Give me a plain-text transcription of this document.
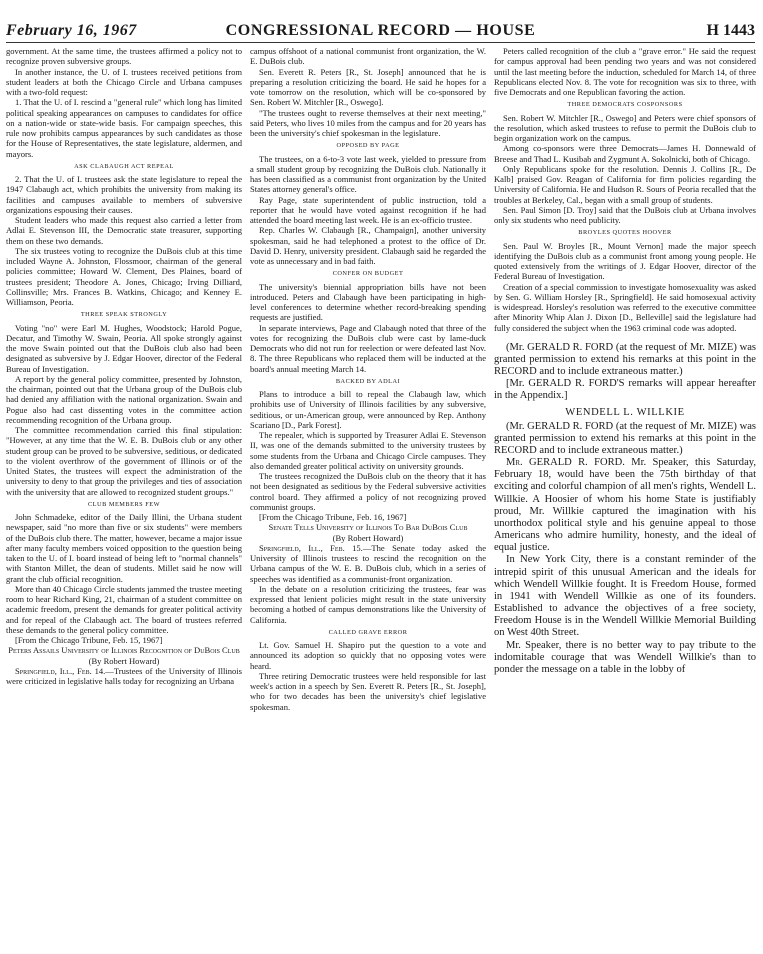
February 16, 1967	CONGRESSIONAL RECORD — HOUSE	H 1443

government. At the same time, the trustees affirmed a policy not to recognize proven subversive groups.

In another instance, the U. of I. trustees received petitions from student leaders at both the Chicago Circle and Urbana campuses with a two-fold request:

1. That the U. of I. rescind a "general rule" which long has limited political speaking appearances on campuses to candidates for office on a nation-wide or state-wide basis. For campaign speeches, this rule now prohibits campus appearances by such candidates as those for the House of Representatives, the state legislature, aldermen, and mayors.

ASK CLABAUGH ACT REPEAL

2. That the U. of I. trustees ask the state legislature to repeal the 1947 Clabaugh act, which prohibits the university from making its facilities and campuses available to members of subversive organizations espousing their causes.

Student leaders who made this request also carried a letter from Adlai E. Stevenson III, the Democratic state treasurer, supporting them on these two demands.

The six trustees voting to recognize the DuBois club at this time included Wayne A. Johnston, Flossmoor, chairman of the general policies committee; Howard W. Clement, Des Plaines, board of trustees president; Theodore A. Jones, Chicago; Irving Dilliard, Collinsville; Mrs. Frances B. Watkins, Chicago; and Kenney E. Williamson, Peoria.

THREE SPEAK STRONGLY

Voting "no" were Earl M. Hughes, Woodstock; Harold Pogue, Decatur, and Timothy W. Swain, Peoria. All spoke strongly against the move Swain pointed out that the DuBois club also had been designated as subversive by J. Edgar Hoover, director of the Federal Bureau of Investigation.

A report by the general policy committee, presented by Johnston, the chairman, pointed out that the Urbana group of the DuBois club had denied any affiliation with the national organization. Swain and Pogue also had cast dissenting votes in the committee action recommending recognition of the Urbana group.

The committee recommendation carried this final stipulation: "However, at any time that the W. E. B. DuBois club or any other student group can be proved to be subversive, seditious, or dedicated to the violent overthrow of the government of Illinois or of the United States, the trustees will expect the administration of the university to deny to that group the privileges and ties of association with the university that are allowed to recognized student groups."

CLUB MEMBERS FEW

John Schmadeke, editor of the Daily Illini, the Urbana student newspaper, said "no more than five or six students" were members of the DuBois club there. The matter, however, became a major issue after many faculty members voiced opposition to the question being taken to the U. of I. board instead of being left to "normal channels" with Stanton Millet, the dean of students. Millet said he now will grant the club official recognition.

More than 40 Chicago Circle students jammed the trustee meeting room to hear Richard King, 21, chairman of a student committee on academic freedom, present the demands for greater political activity and for repeal of the Clabaugh act. The board of trustees referred these demands to the general policy committee.

[From the Chicago Tribune, Feb. 15, 1967]

Peters Assails University of Illinois Recognition of DuBois Club
(By Robert Howard)

Springfield, Ill., Feb. 14.—Trustees of the University of Illinois were criticized in legislative halls today for recognizing an Urbana

campus offshoot of a national communist front organization, the W. E. DuBois club.

Sen. Everett R. Peters [R., St. Joseph] announced that he is preparing a resolution criticizing the board. He said he hopes for a vote tomorrow on the resolution, which will be co-sponsored by Sen. Robert W. Mitchler [R., Oswego].

"The trustees ought to reverse themselves at their next meeting," said Peters, who lives 10 miles from the campus and for 20 years has been the university's chief spokesman in the legislature.

OPPOSED BY PAGE

The trustees, on a 6-to-3 vote last week, yielded to pressure from a small student group by recognizing the DuBois club. Nationally it has been classified as a communist front organization by the United States attorney general's office.

Ray Page, state superintendent of public instruction, told a reporter that he would have voted against recognition if he had attended the board meeting last week. He is an ex-officio trustee.

Rep. Charles W. Clabaugh [R., Champaign], another university spokesman, said he had telephoned a protest to the office of Dr. David D. Henry, university president. Clabaugh said he regarded the vote as unnecessary and in bad faith.

CONFER ON BUDGET

The university's biennial appropriation bills have not been introduced. Peters and Clabaugh have been participating in high-level conferences to determine whether record-breaking spending requests are justified.

In separate interviews, Page and Clabaugh noted that three of the votes for recognizing the DuBois club were cast by lame-duck Democrats who did not run for reelection or were defeated last Nov. 8. The three Republicans who replaced them will be inducted at the board's annual meeting March 14.

BACKED BY ADLAI

Plans to introduce a bill to repeal the Clabaugh law, which prohibits use of University of Illinois facilities by any subversive, seditious, or un-American group, were announced by Rep. Anthony Scariano [D., Park Forest].

The repealer, which is supported by Treasurer Adlai E. Stevenson II, was one of the demands submitted to the university trustees by some students from the Urbana and Chicago Circle campuses. They also demanded greater political activity on university grounds.

The trustees recognized the DuBois club on the theory that it has not been designated as seditious by the Federal subversive activities control board. They affirmed a policy of not recognizing proved communist groups.

[From the Chicago Tribune, Feb. 16, 1967]

Senate Tells University of Illinois To Bar DuBois Club
(By Robert Howard)

Springfield, Ill., Feb. 15.—The Senate today asked the University of Illinois trustees to rescind the recognition on the Urbana campus of the W. E. B. DuBois club, which in a series of speeches was identified as a communist-front organization.

In the debate on a resolution criticizing the trustees, fear was expressed that lenient policies might result in the state university becoming a hotbed of campus demonstrations like the University of California.

CALLED GRAVE ERROR

Lt. Gov. Samuel H. Shapiro put the question to a vote and announced its adoption so quickly that no opposing votes were heard.

Three retiring Democratic trustees were held responsible for last week's action in a speech by Sen. Everett R. Peters [R., St. Joseph], who for two decades has been the university's chief legislative spokesman.

Peters called recognition of the club a "grave error." He said the request for campus approval had been pending two years and was not considered until the last meeting before the induction, scheduled for March 14, of three Republicans elected Nov. 8. The vote for recognition was six to three, with five Democrats and one Republican favoring the action.

THREE DEMOCRATS COSPONSORS

Sen. Robert W. Mitchler [R., Oswego] and Peters were chief sponsors of the resolution, which asked trustees to refuse to permit the DuBois club to begin organization work on the campus.

Among co-sponsors were three Democrats—James H. Donnewald of Breese and Thad L. Kusibab and Zygmunt A. Sokolnicki, both of Chicago.

Only Republicans spoke for the resolution. Dennis J. Collins [R., De Kalb] praised Gov. Reagan of California for firm policies regarding the University of California. He and Hudson R. Sours of Peoria recalled that the troubles at Berkeley, Cal., began with a small group of students.

Sen. Paul Simon [D. Troy] said that the DuBois club at Urbana involves only six students who need publicity.

BROYLES QUOTES HOOVER

Sen. Paul W. Broyles [R., Mount Vernon] made the major speech identifying the DuBois club as a communist front among young people. He quoted extensively from the writings of J. Edgar Hoover, director of the Federal Bureau of Investigation.

Creation of a special commission to investigate homosexuality was asked by Sen. G. William Horsley [R., Springfield]. He said homosexual activity is widespread. Horsley's resolution was referred to the executive committee after Minority Whip Alan J. Dixon [D., Belleville] said the legislature had fully considered the subject when the 1963 criminal code was adopted.

(Mr. GERALD R. FORD (at the request of Mr. MIZE) was granted permission to extend his remarks at this point in the RECORD and to include extraneous matter.)

[Mr. GERALD R. FORD'S remarks will appear hereafter in the Appendix.]

WENDELL L. WILLKIE

(Mr. GERALD R. FORD (at the request of Mr. MIZE) was granted permission to extend his remarks at this point in the RECORD and to include extraneous matter.)

Mr. GERALD R. FORD. Mr. Speaker, this Saturday, February 18, would have been the 75th birthday of that exciting and colorful champion of all men's rights, Wendell L. Willkie. A Hoosier of whom his home State is justifiably proud, Mr. Willkie captured the imagination with his unorthodox political style and his genuine appeal to those Americans who admire humility, honesty, and the ideal of equal justice.

In New York City, there is a constant reminder of the intrepid spirit of this unusual American and the ideals for which Wendell Willkie fought. It is Freedom House, formed in 1941 with Wendell Willkie as one of its founders. Established to advance the objectives of a free society, Freedom House is in the Wendell Willkie Memorial Building on West 40th Street.

Mr. Speaker, there is no better way to pay tribute to the indomitable courage that was Wendell Willkie's than to ponder the message on a table in the lobby of
